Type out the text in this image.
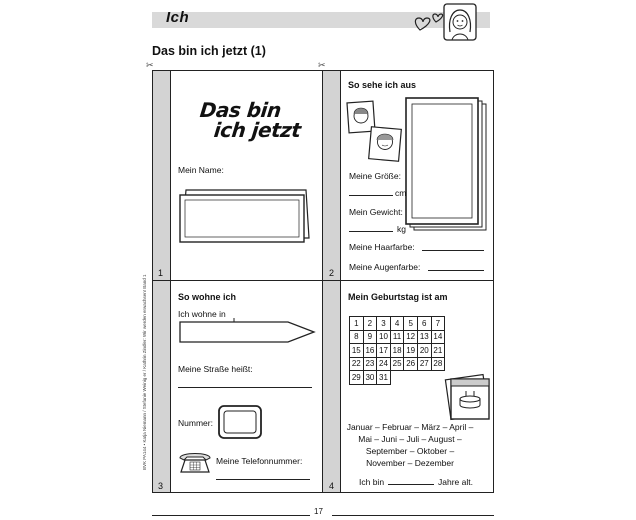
Ich
Das bin ich jetzt (1)
✂	✂
1	2
3	4
Das bin
ich jetzt
Mein Name:
So sehe ich aus
Meine Größe:
cm
Mein Gewicht:
kg
Meine Haarfarbe:
Meine Augenfarbe:
So wohne ich
Ich wohne in
Meine Straße heißt:
Nummer:
Meine Telefonnummer:
Mein Geburtstag ist am
1	2	3	4	5	6	7
8	9	10	11	12	13	14
15	16	17	18	19	20	21
22	23	24	25	26	27	28
29	30	31				
Januar – Februar – März – April –
Mai – Juni – Juli – August –
September – Oktober –
November – Dezember
Ich bin	Jahre alt.
BVK PA144 • Katja Niemann / Stefanie Weinig er / Kathrin Zindler: Wir werden erwachsen! Band 1
17
